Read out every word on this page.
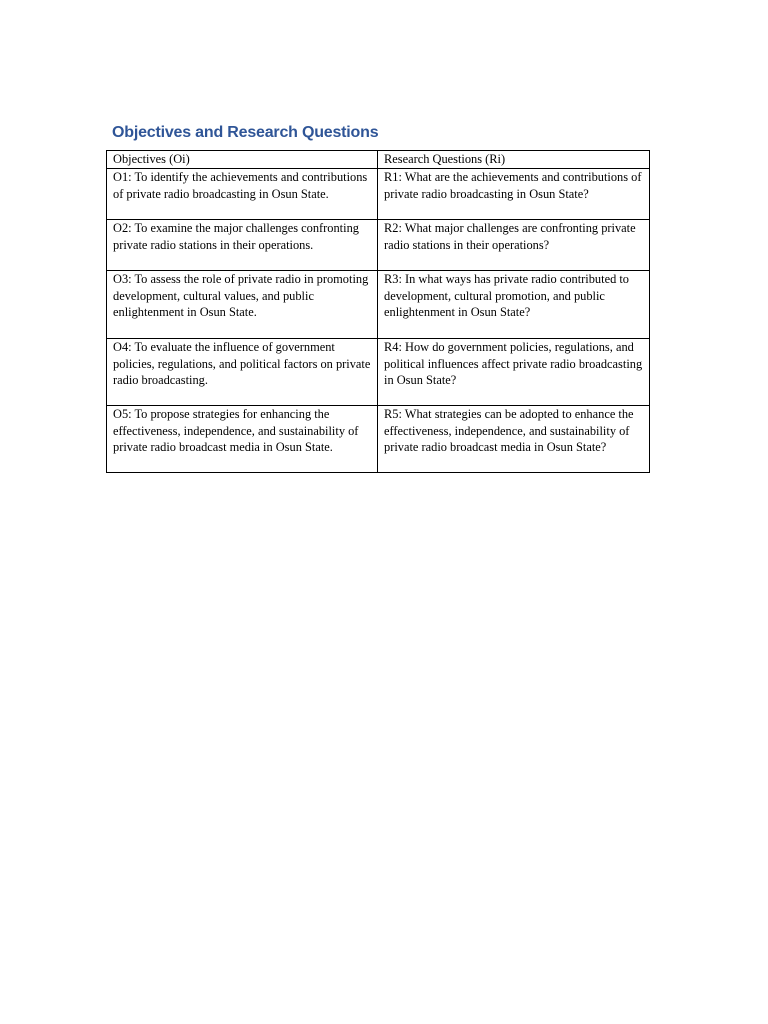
Objectives and Research Questions
Objectives (Oi)	Research Questions (Ri)
O1: To identify the achievements and contributions of private radio broadcasting in Osun State.	R1: What are the achievements and contributions of private radio broadcasting in Osun State?
O2: To examine the major challenges confronting private radio stations in their operations.	R2: What major challenges are confronting private radio stations in their operations?
O3: To assess the role of private radio in promoting development, cultural values, and public enlightenment in Osun State.	R3: In what ways has private radio contributed to development, cultural promotion, and public enlightenment in Osun State?
O4: To evaluate the influence of government policies, regulations, and political factors on private radio broadcasting.	R4: How do government policies, regulations, and political influences affect private radio broadcasting in Osun State?
O5: To propose strategies for enhancing the effectiveness, independence, and sustainability of private radio broadcast media in Osun State.	R5: What strategies can be adopted to enhance the effectiveness, independence, and sustainability of private radio broadcast media in Osun State?
